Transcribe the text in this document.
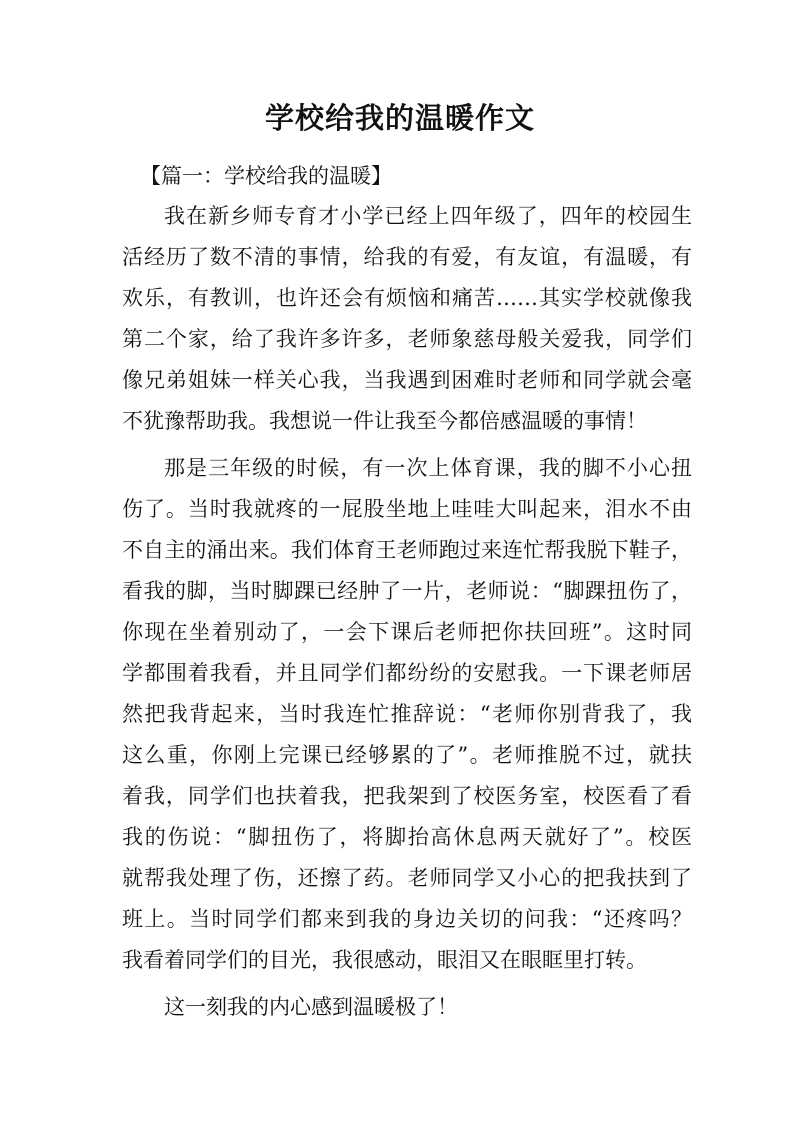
学校给我的温暖作文
【篇一：学校给我的温暖】
我在新乡师专育才小学已经上四年级了，四年的校园生
活经历了数不清的事情，给我的有爱，有友谊，有温暖，有
欢乐，有教训，也许还会有烦恼和痛苦……其实学校就像我
第二个家，给了我许多许多，老师象慈母般关爱我，同学们
像兄弟姐妹一样关心我，当我遇到困难时老师和同学就会毫
不犹豫帮助我。我想说一件让我至今都倍感温暖的事情！
那是三年级的时候，有一次上体育课，我的脚不小心扭
伤了。当时我就疼的一屁股坐地上哇哇大叫起来，泪水不由
不自主的涌出来。我们体育王老师跑过来连忙帮我脱下鞋子，
看我的脚，当时脚踝已经肿了一片，老师说：“脚踝扭伤了，
你现在坐着别动了，一会下课后老师把你扶回班”。这时同
学都围着我看，并且同学们都纷纷的安慰我。一下课老师居
然把我背起来，当时我连忙推辞说：“老师你别背我了，我
这么重，你刚上完课已经够累的了”。老师推脱不过，就扶
着我，同学们也扶着我，把我架到了校医务室，校医看了看
我的伤说：“脚扭伤了，将脚抬高休息两天就好了”。校医
就帮我处理了伤，还擦了药。老师同学又小心的把我扶到了
班上。当时同学们都来到我的身边关切的问我：“还疼吗？
我看着同学们的目光，我很感动，眼泪又在眼眶里打转。
这一刻我的内心感到温暖极了！
